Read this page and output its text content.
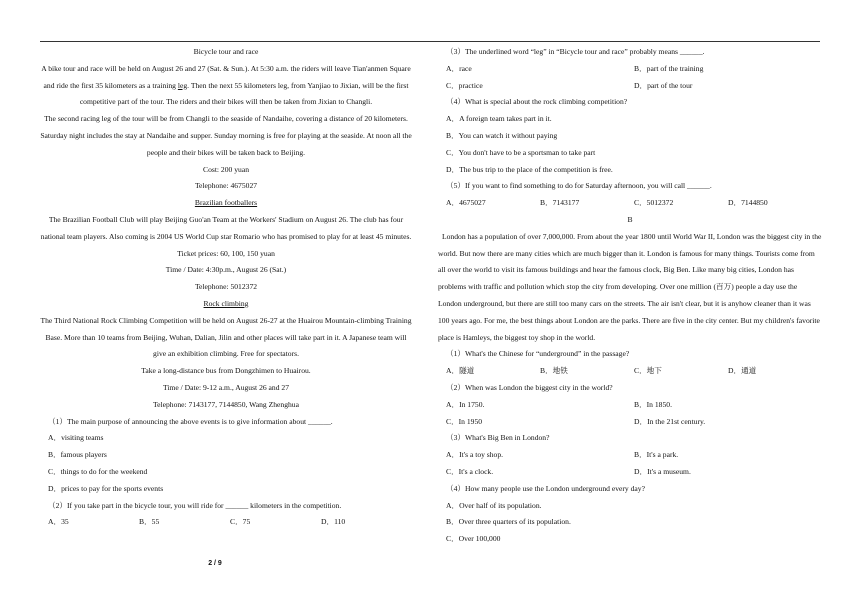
Bicycle tour and race

A bike tour and race will be held on August 26 and 27 (Sat. & Sun.). At 5:30 a.m. the riders will leave Tian'anmen Square and ride the first 35 kilometers as a training leg. Then the next 55 kilometers leg, from Yanjiao to Jixian, will be the first competitive part of the tour. The riders and their bikes will then be taken from Jixian to Changli.

The second racing leg of the tour will be from Changli to the seaside of Nandaihe, covering a distance of 20 kilometers. Saturday night includes the stay at Nandaihe and supper. Sunday morning is free for playing at the seaside. At noon all the people and their bikes will be taken back to Beijing.

Cost: 200 yuan

Telephone: 4675027

Brazilian footballers

The Brazilian Football Club will play Beijing Guo'an Team at the Workers' Stadium on August 26. The club has four national team players. Also coming is 2004 US World Cup star Romario who has promised to play for at least 45 minutes.

Ticket prices: 60, 100, 150 yuan

Time / Date: 4:30p.m., August 26 (Sat.)

Telephone: 5012372

Rock climbing

The Third National Rock Climbing Competition will be held on August 26-27 at the Huairou Mountain-climbing Training Base. More than 10 teams from Beijing, Wuhan, Dalian, Jilin and other places will take part in it. A Japanese team will give an exhibition climbing. Free for spectators.

Take a long-distance bus from Dongzhimen to Huairou.

Time / Date: 9-12 a.m., August 26 and 27

Telephone: 7143177, 7144850, Wang Zhenghua

（1）The main purpose of announcing the above events is to give information about ______.

A．visiting teams

B．famous players

C．things to do for the weekend

D．prices to pay for the sports events

（2）If you take part in the bicycle tour, you will ride for ______ kilometers in the competition.

A．35	B．55	C．75	D．110
2 / 9

（3）The underlined word “leg” in “Bicycle tour and race” probably means ______.

A．race	B．part of the training
C．practice	D．part of the tour

（4）What is special about the rock climbing competition?

A．A foreign team takes part in it.

B．You can watch it without paying

C．You don't have to be a sportsman to take part

D．The bus trip to the place of the competition is free.

（5）If you want to find something to do for Saturday afternoon, you will call ______.

A．4675027	B．7143177	C．5012372	D．7144850

B

London has a population of over 7,000,000. From about the year 1800 until World War II, London was the biggest city in the world. But now there are many cities which are much bigger than it. London is famous for many things. Tourists come from all over the world to visit its famous buildings and hear the famous clock, Big Ben. Like many big cities, London has problems with traffic and pollution which stop the city from developing. Over one million (百万) people a day use the London underground, but there are still too many cars on the streets. The air isn't clear, but it is anyhow cleaner than it was 100 years ago. For me, the best things about London are the parks. There are five in the city center. But my children's favorite place is Hamleys, the biggest toy shop in the world.

（1）What's the Chinese for “underground” in the passage?

A．隧道	B．地铁	C．地下	D．通道

（2）When was London the biggest city in the world?

A．In 1750.	B．In 1850.
C．In 1950	D．In the 21st century.

（3）What's Big Ben in London?

A．It's a toy shop.	B．It's a park.
C．It's a clock.	D．It's a museum.

（4）How many people use the London underground every day?

A．Over half of its population.

B．Over three quarters of its population.

C．Over 100,000
